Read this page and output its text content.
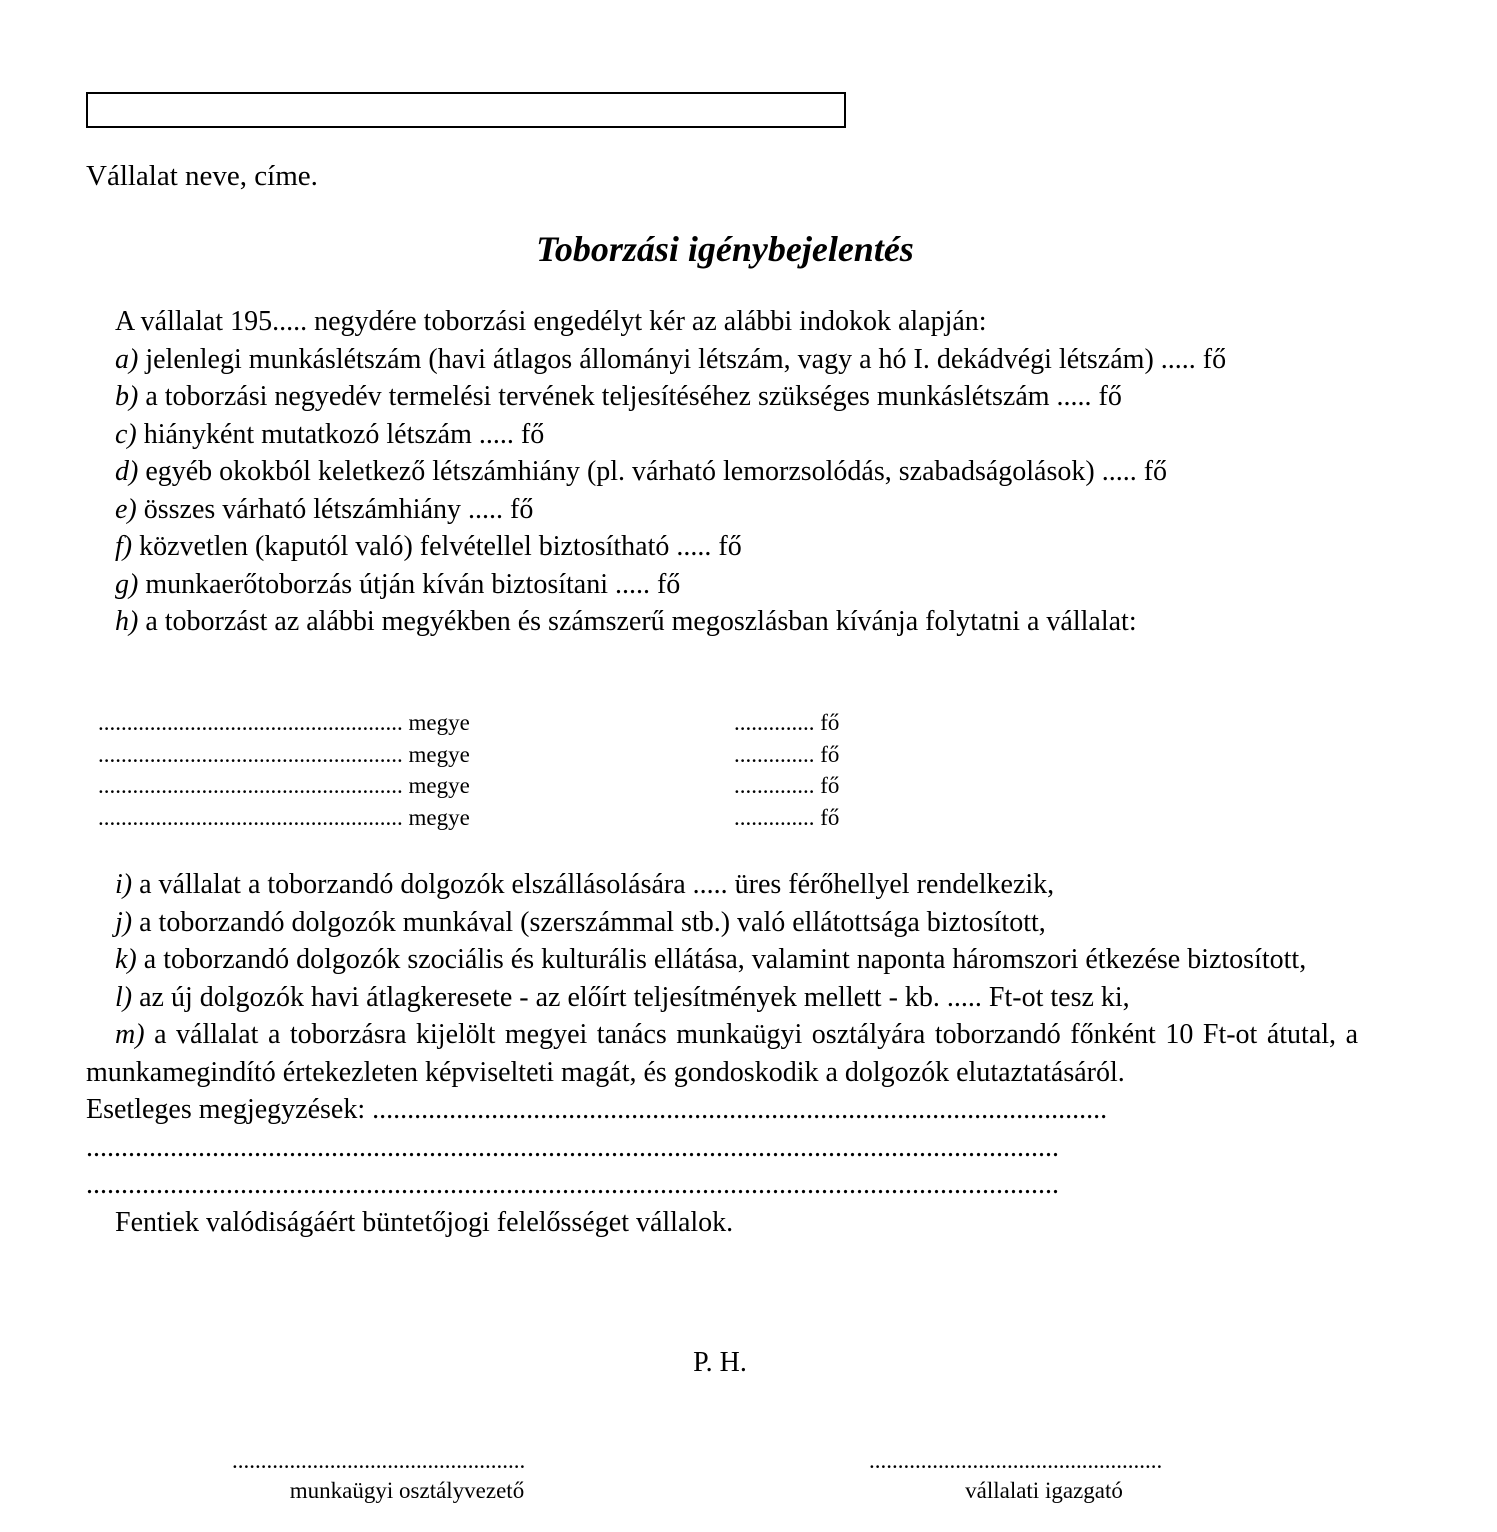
Vállalat neve, címe.
Toborzási igénybejelentés

A vállalat 195..... negydére toborzási engedélyt kér az alábbi indokok alapján:

a) jelenlegi munkáslétszám (havi átlagos állományi létszám, vagy a hó I. dekádvégi létszám) ..... fő

b) a toborzási negyedév termelési tervének teljesítéséhez szükséges munkáslétszám ..... fő

c) hiányként mutatkozó létszám ..... fő

d) egyéb okokból keletkező létszámhiány (pl. várható lemorzsolódás, szabadságolások) ..... fő

e) összes várható létszámhiány ..... fő

f) közvetlen (kaputól való) felvétellel biztosítható ..... fő

g) munkaerőtoborzás útján kíván biztosítani ..... fő

h) a toborzást az alábbi megyékben és számszerű megoszlásban kívánja folytatni a vállalat:

..................................................... megye	.............. fő
..................................................... megye	.............. fő
..................................................... megye	.............. fő
..................................................... megye	.............. fő

i) a vállalat a toborzandó dolgozók elszállásolására ..... üres férőhellyel rendelkezik,

j) a toborzandó dolgozók munkával (szerszámmal stb.) való ellátottsága biztosított,

k) a toborzandó dolgozók szociális és kulturális ellátása, valamint naponta háromszori étkezése biztosított,

l) az új dolgozók havi átlagkeresete - az előírt teljesítmények mellett - kb. ..... Ft-ot tesz ki,

m) a vállalat a toborzásra kijelölt megyei tanács munkaügyi osztályára toborzandó főnként 10 Ft-ot átutal, a munkamegindító értekezleten képviselteti magát, és gondoskodik a dolgozók elutaztatásáról.

Esetleges megjegyzések: .........................................................................................................

...........................................................................................................................................

...........................................................................................................................................

Fentiek valódiságáért büntetőjogi felelősséget vállalok.

P. H.
...................................................
munkaügyi osztályvezető
...................................................
vállalati igazgató
